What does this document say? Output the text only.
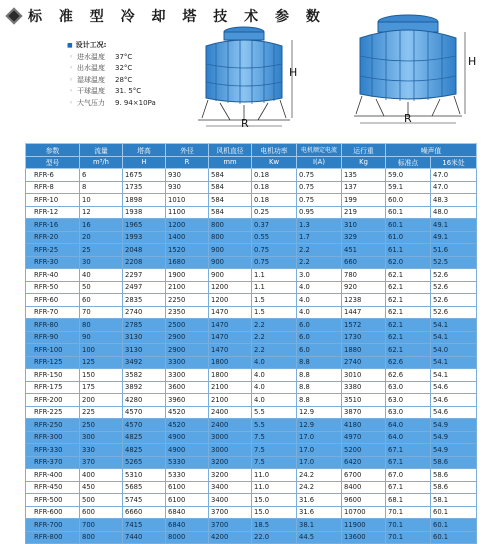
标 准 型 冷 却 塔 技 术 参 数
■ 设计工况:
◦ 进水温度	37°C
◦ 出水温度	32°C
◦ 湿球温度	28°C
◦ 干球温度	31. 5°C
◦ 大气压力	9. 94×10Pa
H
R
H
R
参数	流量	塔高	外径	风机直径	电机功率	电机额定电流	运行重	噪声值	
型号	m³/h	H	R	mm	Kw	I(A)	Kg	标准点	16米处
RFR-6	6	1675	930	584	0.18	0.75	135	59.0	47.0
RFR-8	8	1735	930	584	0.18	0.75	137	59.1	47.0
RFR-10	10	1898	1010	584	0.18	0.75	199	60.0	48.3
RFR-12	12	1938	1100	584	0.25	0.95	219	60.1	48.0
RFR-16	16	1965	1200	800	0.37	1.3	310	60.1	49.1
RFR-20	20	1993	1400	800	0.55	1.7	329	61.0	49.1
RFR-25	25	2048	1520	900	0.75	2.2	451	61.1	51.6
RFR-30	30	2208	1680	900	0.75	2.2	660	62.0	52.5
RFR-40	40	2297	1900	900	1.1	3.0	780	62.1	52.6
RFR-50	50	2497	2100	1200	1.1	4.0	920	62.1	52.6
RFR-60	60	2835	2250	1200	1.5	4.0	1238	62.1	52.6
RFR-70	70	2740	2350	1470	1.5	4.0	1447	62.1	52.6
RFR-80	80	2785	2500	1470	2.2	6.0	1572	62.1	54.1
RFR-90	90	3130	2900	1470	2.2	6.0	1730	62.1	54.1
RFR-100	100	3130	2900	1470	2.2	6.0	1880	62.1	54.0
RFR-125	125	3492	3300	1800	4.0	8.8	2740	62.6	54.1
RFR-150	150	3582	3300	1800	4.0	8.8	3010	62.6	54.1
RFR-175	175	3892	3600	2100	4.0	8.8	3380	63.0	54.6
RFR-200	200	4280	3960	2100	4.0	8.8	3510	63.0	54.6
RFR-225	225	4570	4520	2400	5.5	12.9	3870	63.0	54.6
RFR-250	250	4570	4520	2400	5.5	12.9	4180	64.0	54.9
RFR-300	300	4825	4900	3000	7.5	17.0	4970	64.0	54.9
RFR-330	330	4825	4900	3000	7.5	17.0	5200	67.1	54.9
RFR-370	370	5265	5330	3200	7.5	17.0	6420	67.1	58.6
RFR-400	400	5310	5330	3200	11.0	24.2	6700	67.0	58.6
RFR-450	450	5685	6100	3400	11.0	24.2	8400	67.1	58.6
RFR-500	500	5745	6100	3400	15.0	31.6	9600	68.1	58.1
RFR-600	600	6660	6840	3700	15.0	31.6	10700	70.1	60.1
RFR-700	700	7415	6840	3700	18.5	38.1	11900	70.1	60.1
RFR-800	800	7440	8000	4200	22.0	44.5	13600	70.1	60.1
